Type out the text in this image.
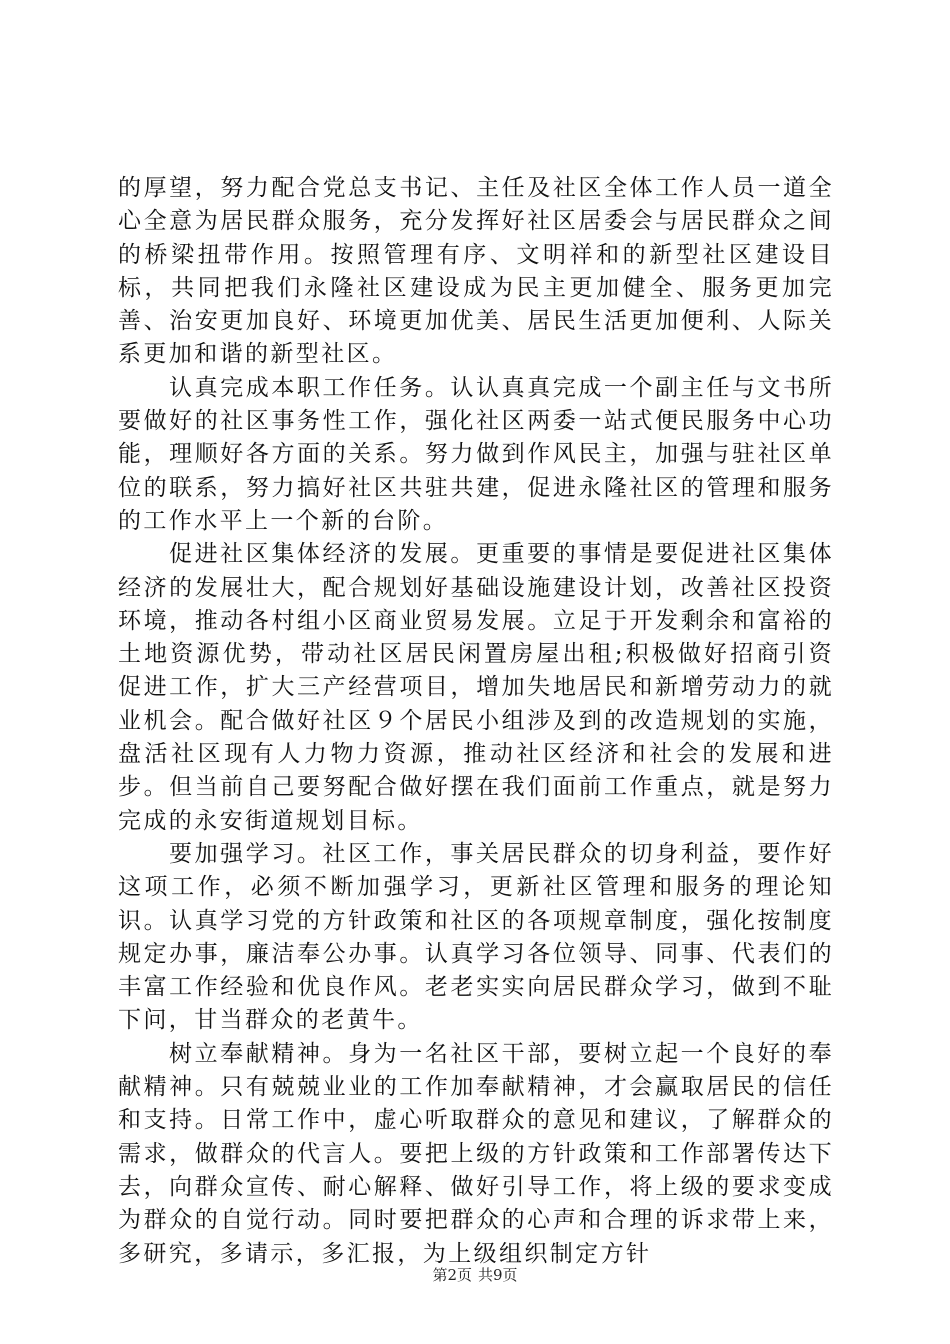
的厚望，努力配合党总支书记、主任及社区全体工作人员一道全心全意为居民群众服务，充分发挥好社区居委会与居民群众之间的桥梁扭带作用。按照管理有序、文明祥和的新型社区建设目标，共同把我们永隆社区建设成为民主更加健全、服务更加完善、治安更加良好、环境更加优美、居民生活更加便利、人际关系更加和谐的新型社区。

认真完成本职工作任务。认认真真完成一个副主任与文书所要做好的社区事务性工作，强化社区两委一站式便民服务中心功能，理顺好各方面的关系。努力做到作风民主，加强与驻社区单位的联系，努力搞好社区共驻共建，促进永隆社区的管理和服务的工作水平上一个新的台阶。

促进社区集体经济的发展。更重要的事情是要促进社区集体经济的发展壮大，配合规划好基础设施建设计划，改善社区投资环境，推动各村组小区商业贸易发展。立足于开发剩余和富裕的土地资源优势，带动社区居民闲置房屋出租;积极做好招商引资促进工作，扩大三产经营项目，增加失地居民和新增劳动力的就业机会。配合做好社区９个居民小组涉及到的改造规划的实施，盘活社区现有人力物力资源，推动社区经济和社会的发展和进步。但当前自己要努配合做好摆在我们面前工作重点，就是努力完成的永安街道规划目标。

要加强学习。社区工作，事关居民群众的切身利益，要作好这项工作，必须不断加强学习，更新社区管理和服务的理论知识。认真学习党的方针政策和社区的各项规章制度，强化按制度规定办事，廉洁奉公办事。认真学习各位领导、同事、代表们的丰富工作经验和优良作风。老老实实向居民群众学习，做到不耻下问，甘当群众的老黄牛。

树立奉献精神。身为一名社区干部，要树立起一个良好的奉献精神。只有兢兢业业的工作加奉献精神，才会赢取居民的信任和支持。日常工作中，虚心听取群众的意见和建议，了解群众的需求，做群众的代言人。要把上级的方针政策和工作部署传达下去，向群众宣传、耐心解释、做好引导工作，将上级的要求变成为群众的自觉行动。同时要把群众的心声和合理的诉求带上来，多研究，多请示，多汇报，为上级组织制定方针

第2页 共9页
